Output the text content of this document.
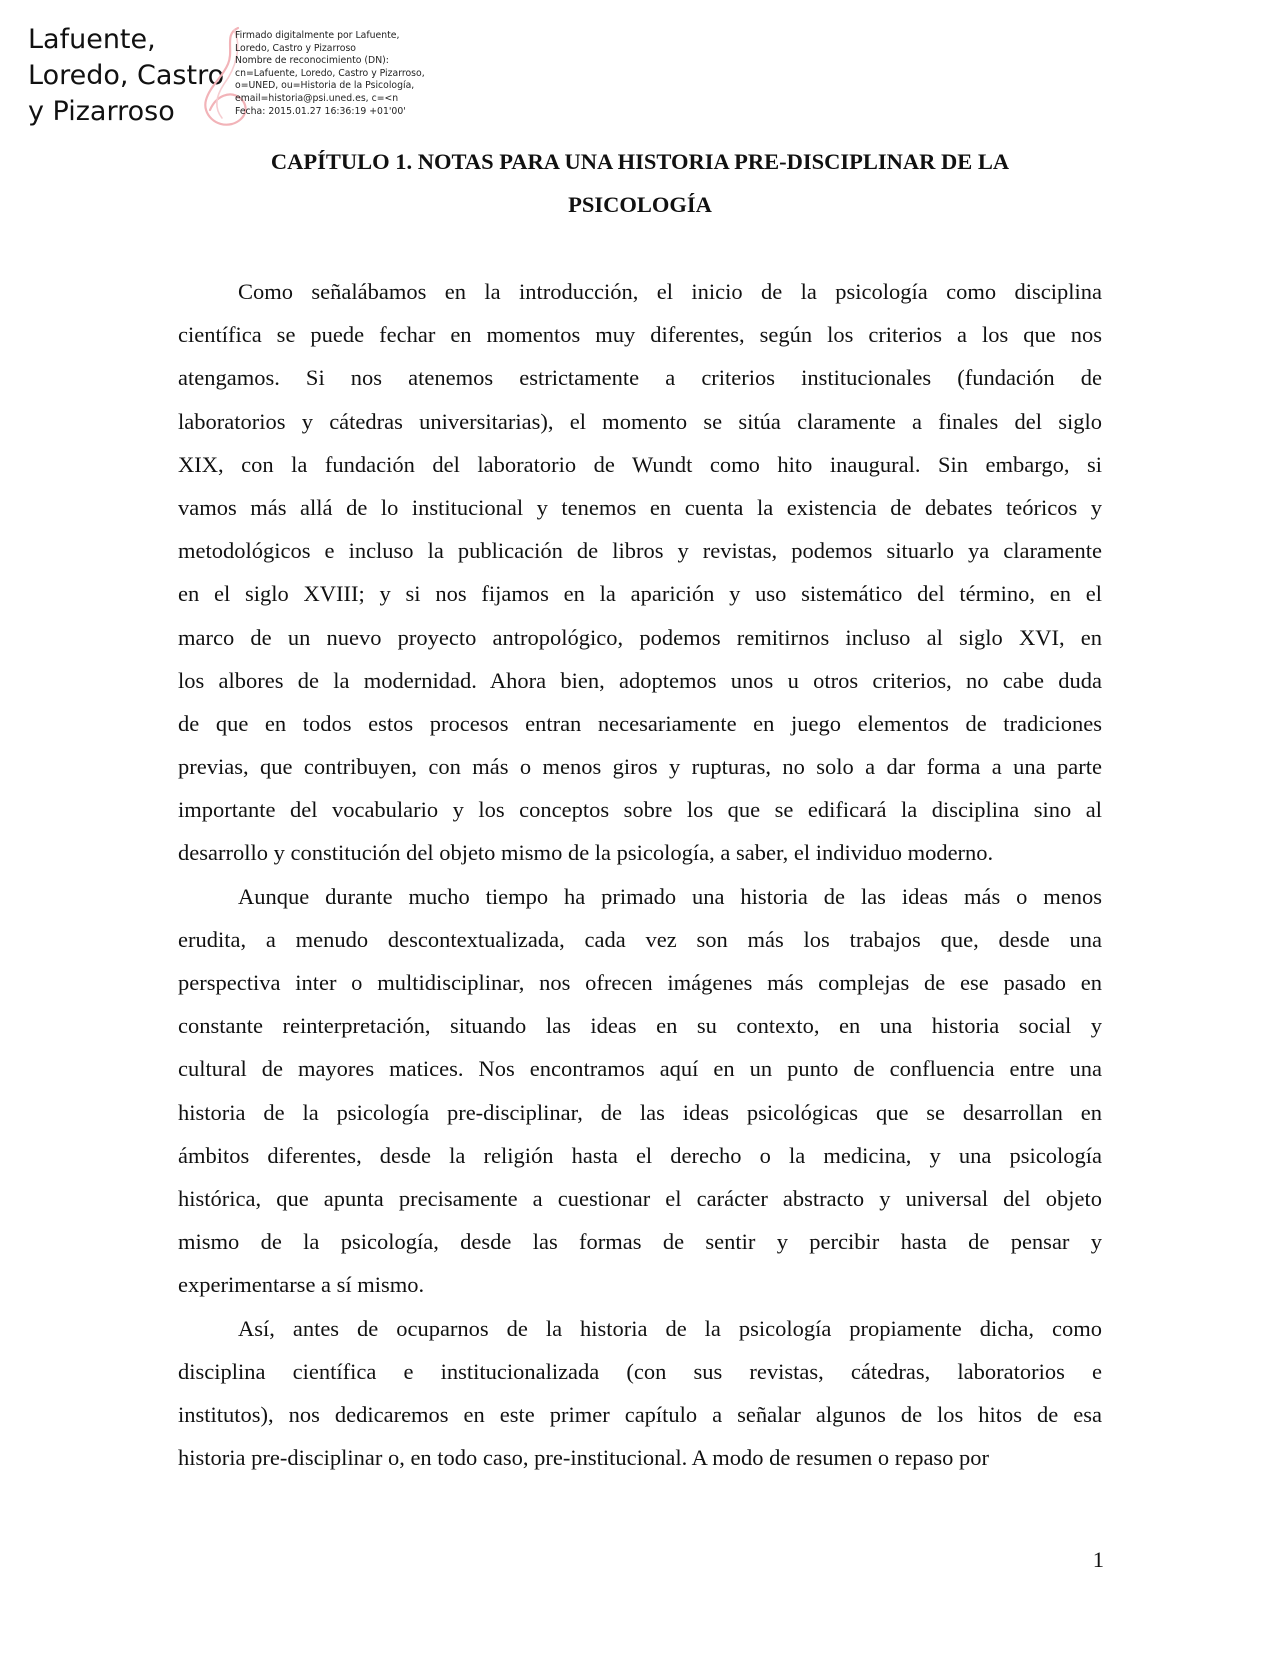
Lafuente,
Loredo, Castro
y Pizarroso
Firmado digitalmente por Lafuente,
Loredo, Castro y Pizarroso
Nombre de reconocimiento (DN):
cn=Lafuente, Loredo, Castro y Pizarroso,
o=UNED, ou=Historia de la Psicología,
email=historia@psi.uned.es, c=<n
Fecha: 2015.01.27 16:36:19 +01'00'
CAPÍTULO 1. NOTAS PARA UNA HISTORIA PRE-DISCIPLINAR DE LA
PSICOLOGÍA
Como señalábamos en la introducción, el inicio de la psicología como disciplina
científica se puede fechar en momentos muy diferentes, según los criterios a los que nos
atengamos. Si nos atenemos estrictamente a criterios institucionales (fundación de
laboratorios y cátedras universitarias), el momento se sitúa claramente a finales del siglo
XIX, con la fundación del laboratorio de Wundt como hito inaugural. Sin embargo, si
vamos más allá de lo institucional y tenemos en cuenta la existencia de debates teóricos y
metodológicos e incluso la publicación de libros y revistas, podemos situarlo ya claramente
en el siglo XVIII; y si nos fijamos en la aparición y uso sistemático del término, en el
marco de un nuevo proyecto antropológico, podemos remitirnos incluso al siglo XVI, en
los albores de la modernidad. Ahora bien, adoptemos unos u otros criterios, no cabe duda
de que en todos estos procesos entran necesariamente en juego elementos de tradiciones
previas, que contribuyen, con más o menos giros y rupturas, no solo a dar forma a una parte
importante del vocabulario y los conceptos sobre los que se edificará la disciplina sino al
desarrollo y constitución del objeto mismo de la psicología, a saber, el individuo moderno.
Aunque durante mucho tiempo ha primado una historia de las ideas más o menos
erudita, a menudo descontextualizada, cada vez son más los trabajos que, desde una
perspectiva inter o multidisciplinar, nos ofrecen imágenes más complejas de ese pasado en
constante reinterpretación, situando las ideas en su contexto, en una historia social y
cultural de mayores matices. Nos encontramos aquí en un punto de confluencia entre una
historia de la psicología pre-disciplinar, de las ideas psicológicas que se desarrollan en
ámbitos diferentes, desde la religión hasta el derecho o la medicina, y una psicología
histórica, que apunta precisamente a cuestionar el carácter abstracto y universal del objeto
mismo de la psicología, desde las formas de sentir y percibir hasta de pensar y
experimentarse a sí mismo.
Así, antes de ocuparnos de la historia de la psicología propiamente dicha, como
disciplina científica e institucionalizada (con sus revistas, cátedras, laboratorios e
institutos), nos dedicaremos en este primer capítulo a señalar algunos de los hitos de esa
historia pre-disciplinar o, en todo caso, pre-institucional. A modo de resumen o repaso por
1
